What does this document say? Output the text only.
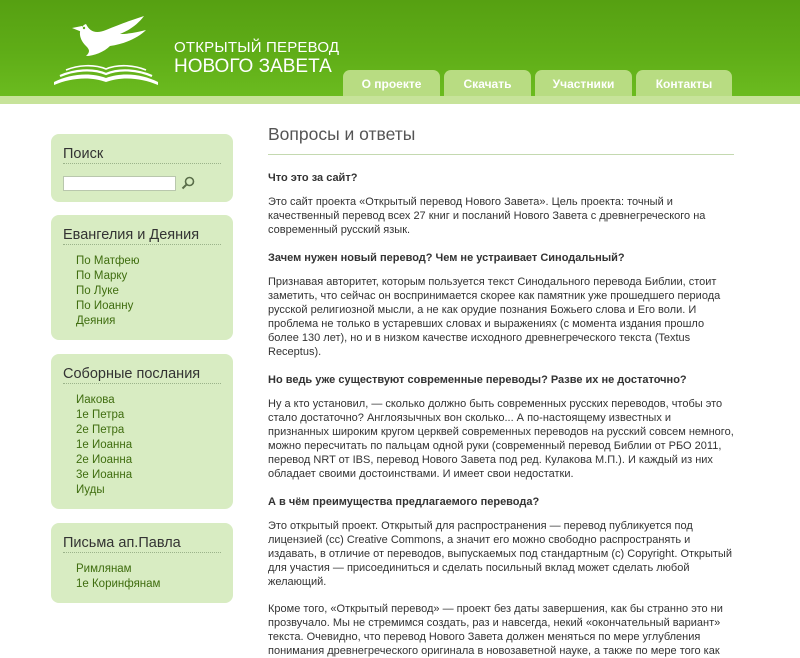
ОТКРЫТЫЙ ПЕРЕВОД
НОВОГО ЗАВЕТА
О проекте	Скачать	Участники	Контакты
Поиск
Евангелия и Деяния
По Матфею
По Марку
По Луке
По Иоанну
Деяния
Соборные послания
Иакова
1е Петра
2е Петра
1е Иоанна
2е Иоанна
3е Иоанна
Иуды
Письма ап.Павла
Римлянам
1е Коринфянам
Вопросы и ответы
Что это за сайт?

Это сайт проекта «Открытый перевод Нового Завета». Цель проекта: точный и качественный перевод всех 27 книг и посланий Нового Завета с древнегреческого на современный русский язык.

Зачем нужен новый перевод? Чем не устраивает Синодальный?

Признавая авторитет, которым пользуется текст Синодального перевода Библии, стоит заметить, что сейчас он воспринимается скорее как памятник уже прошедшего периода русской религиозной мысли, а не как орудие познания Божьего слова и Его воли. И проблема не только в устаревших словах и выражениях (с момента издания прошло более 130 лет), но и в низком качестве исходного древнегреческого текста (Textus Receptus).

Но ведь уже существуют современные переводы? Разве их не достаточно?

Ну а кто установил, — сколько должно быть современных русских переводов, чтобы это стало достаточно? Англоязычных вон сколько... А по-настоящему известных и признанных широким кругом церквей современных переводов на русский совсем немного, можно пересчитать по пальцам одной руки (современный перевод Библии от РБО 2011, перевод NRT от IBS, перевод Нового Завета под ред. Кулакова М.П.). И каждый из них обладает своими достоинствами. И имеет свои недостатки.

А в чём преимущества предлагаемого перевода?

Это открытый проект. Открытый для распространения — перевод публикуется под лицензией (cc) Creative Commons, а значит его можно свободно распространять и издавать, в отличие от переводов, выпускаемых под стандартным (с) Copyright. Открытый для участия — присоединиться и сделать посильный вклад может сделать любой желающий.

Кроме того, «Открытый перевод» — проект без даты завершения, как бы странно это ни прозвучало. Мы не стремимся создать, раз и навсегда, некий «окончательный вариант» текста. Очевидно, что перевод Нового Завета должен меняться по мере углубления понимания древнегреческого оригинала в новозаветной науке, а также по мере того как
